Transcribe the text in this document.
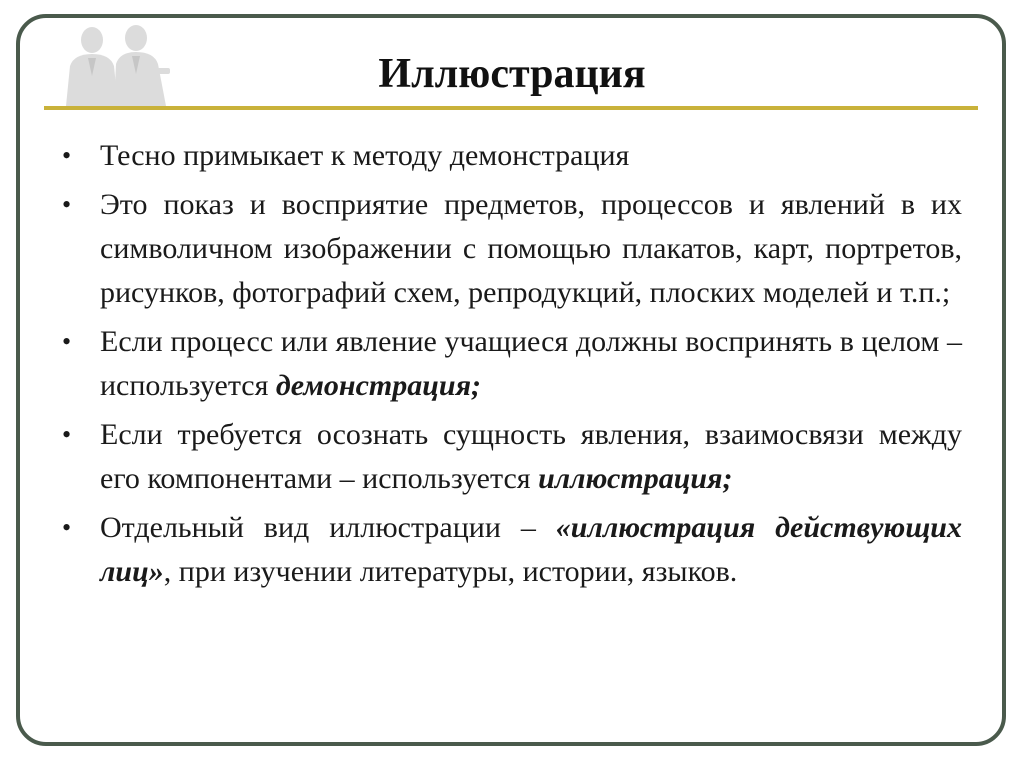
Иллюстрация
• Тесно примыкает к методу демонстрация
• Это показ и восприятие предметов, процессов и явлений в их символичном изображении с помощью плакатов, карт, портретов, рисунков, фотографий схем, репродукций, плоских моделей и т.п.;
• Если процесс или явление учащиеся должны воспринять в целом – используется демонстрация;
• Если требуется осознать сущность явления, взаимосвязи между его компонентами – используется иллюстрация;
• Отдельный вид иллюстрации – «иллюстрация действующих лиц», при изучении литературы, истории, языков.
